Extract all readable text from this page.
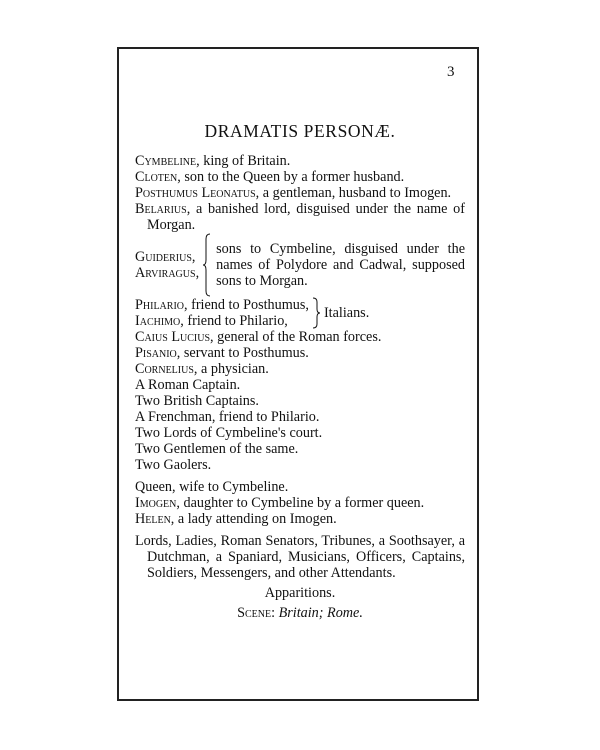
3
DRAMATIS PERSONÆ.
Cymbeline, king of Britain.
Cloten, son to the Queen by a former husband.
Posthumus Leonatus, a gentleman, husband to Imogen.
Belarius, a banished lord, disguised under the name of Morgan.
Guiderius,
Arviragus,
sons to Cymbeline, disguised under the names of Polydore and Cadwal, supposed sons to Morgan.
Philario, friend to Posthumus,
Iachimo, friend to Philario,	Italians.
Caius Lucius, general of the Roman forces.
Pisanio, servant to Posthumus.
Cornelius, a physician.
A Roman Captain.
Two British Captains.
A Frenchman, friend to Philario.
Two Lords of Cymbeline's court.
Two Gentlemen of the same.
Two Gaolers.
Queen, wife to Cymbeline.
Imogen, daughter to Cymbeline by a former queen.
Helen, a lady attending on Imogen.
Lords, Ladies, Roman Senators, Tribunes, a Soothsayer, a Dutchman, a Spaniard, Musicians, Officers, Captains, Soldiers, Messengers, and other Attendants.
Apparitions.
Scene: Britain; Rome.
